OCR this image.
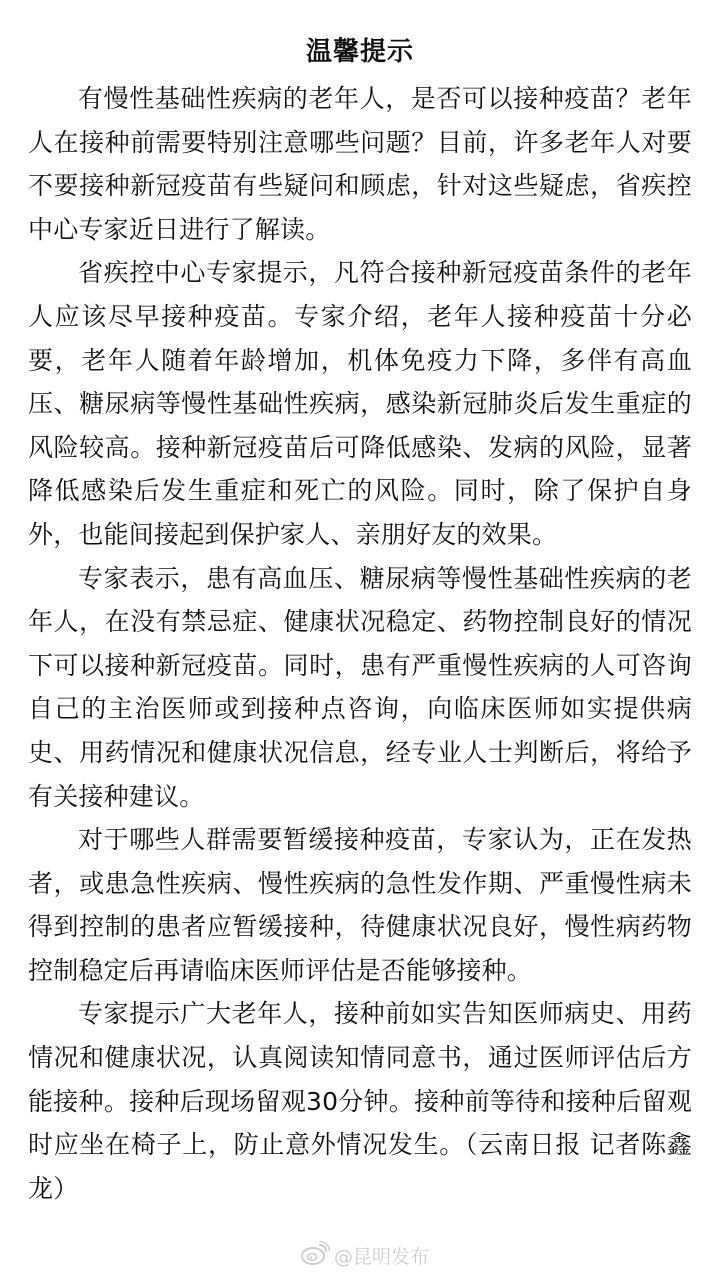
温馨提示

有慢性基础性疾病的老年人，是否可以接种疫苗？老年人在接种前需要特别注意哪些问题？目前，许多老年人对要不要接种新冠疫苗有些疑问和顾虑，针对这些疑虑，省疾控中心专家近日进行了解读。

省疾控中心专家提示，凡符合接种新冠疫苗条件的老年人应该尽早接种疫苗。专家介绍，老年人接种疫苗十分必要，老年人随着年龄增加，机体免疫力下降，多伴有高血压、糖尿病等慢性基础性疾病，感染新冠肺炎后发生重症的风险较高。接种新冠疫苗后可降低感染、发病的风险，显著降低感染后发生重症和死亡的风险。同时，除了保护自身外，也能间接起到保护家人、亲朋好友的效果。

专家表示，患有高血压、糖尿病等慢性基础性疾病的老年人，在没有禁忌症、健康状况稳定、药物控制良好的情况下可以接种新冠疫苗。同时，患有严重慢性疾病的人可咨询自己的主治医师或到接种点咨询，向临床医师如实提供病史、用药情况和健康状况信息，经专业人士判断后，将给予有关接种建议。

对于哪些人群需要暂缓接种疫苗，专家认为，正在发热者，或患急性疾病、慢性疾病的急性发作期、严重慢性病未得到控制的患者应暂缓接种，待健康状况良好，慢性病药物控制稳定后再请临床医师评估是否能够接种。

专家提示广大老年人，接种前如实告知医师病史、用药情况和健康状况，认真阅读知情同意书，通过医师评估后方能接种。接种后现场留观30分钟。接种前等待和接种后留观时应坐在椅子上，防止意外情况发生。（云南日报 记者陈鑫龙）

@昆明发布
